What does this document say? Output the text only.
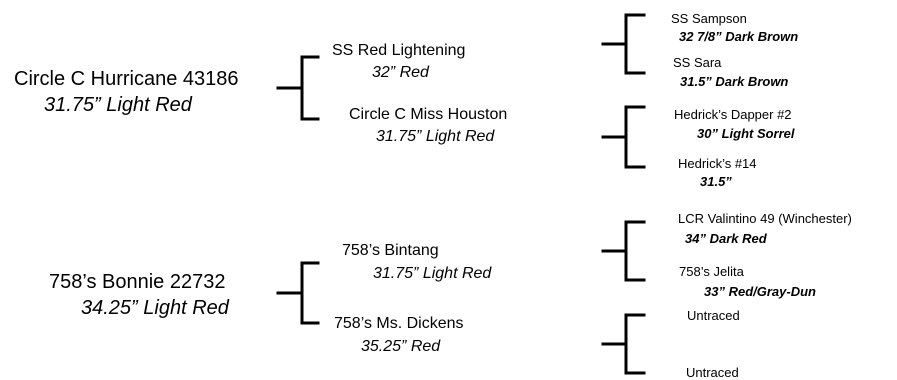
Circle C Hurricane 43186
31.75” Light Red
SS Red Lightening
32” Red
Circle C Miss Houston
31.75” Light Red
SS Sampson
32 7/8” Dark Brown
SS Sara
31.5” Dark Brown
Hedrick’s Dapper #2
30” Light Sorrel
Hedrick’s #14
31.5”
758’s Bonnie 22732
34.25” Light Red
758’s Bintang
31.75” Light Red
758’s Ms. Dickens
35.25” Red
LCR Valintino 49 (Winchester)
34” Dark Red
758’s Jelita
33” Red/Gray-Dun
Untraced
Untraced
